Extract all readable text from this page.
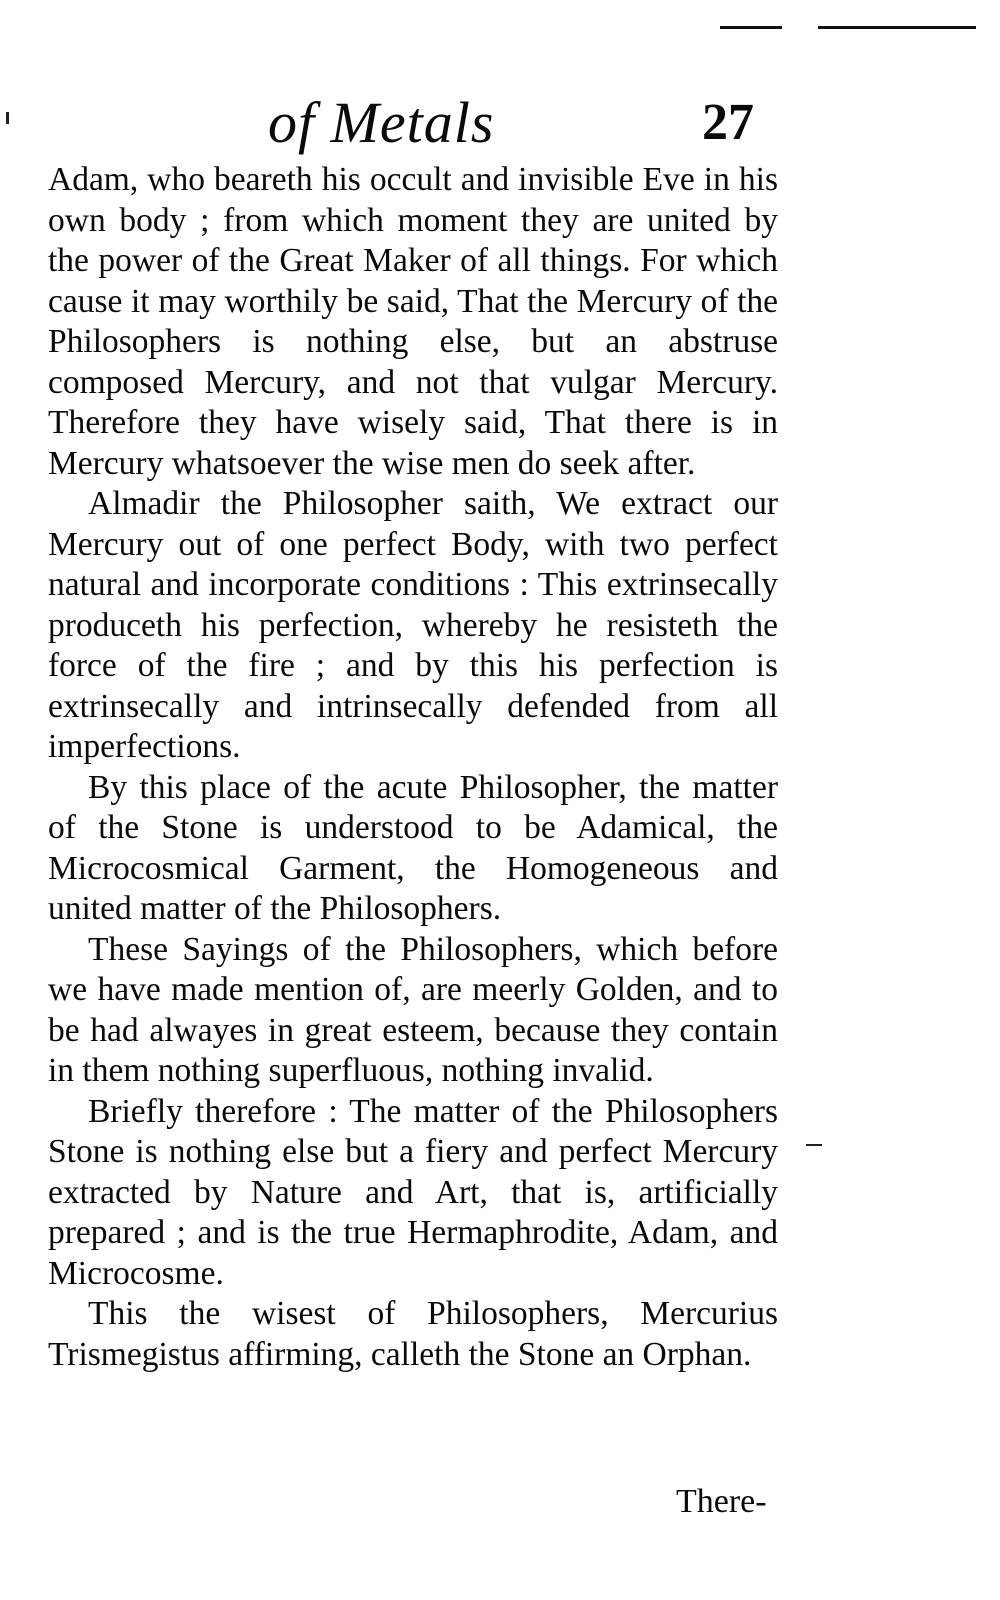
of Metals	27

Adam, who beareth his occult and invisible Eve in his own body ; from which moment they are united by the power of the Great Maker of all things. For which cause it may worthily be said, That the Mercury of the Philosophers is nothing else, but an abstruse composed Mercury, and not that vulgar Mercury. Therefore they have wisely said, That there is in Mercury whatsoever the wise men do seek after.

Almadir the Philosopher saith, We extract our Mercury out of one perfect Body, with two perfect natural and incorporate conditions : This extrinsecally produceth his perfection, whereby he resisteth the force of the fire ; and by this his perfection is extrinsecally and intrinsecally defended from all imperfections.

By this place of the acute Philosopher, the matter of the Stone is understood to be Adamical, the Microcosmical Garment, the Homogeneous and united matter of the Philosophers.

These Sayings of the Philosophers, which before we have made mention of, are meerly Golden, and to be had alwayes in great esteem, because they contain in them nothing superfluous, nothing invalid.

Briefly therefore : The matter of the Philosophers Stone is nothing else but a fiery and perfect Mercury extracted by Nature and Art, that is, artificially prepared ; and is the true Hermaphrodite, Adam, and Microcosme.

This the wisest of Philosophers, Mercurius Trismegistus affirming, calleth the Stone an Orphan.

There-
